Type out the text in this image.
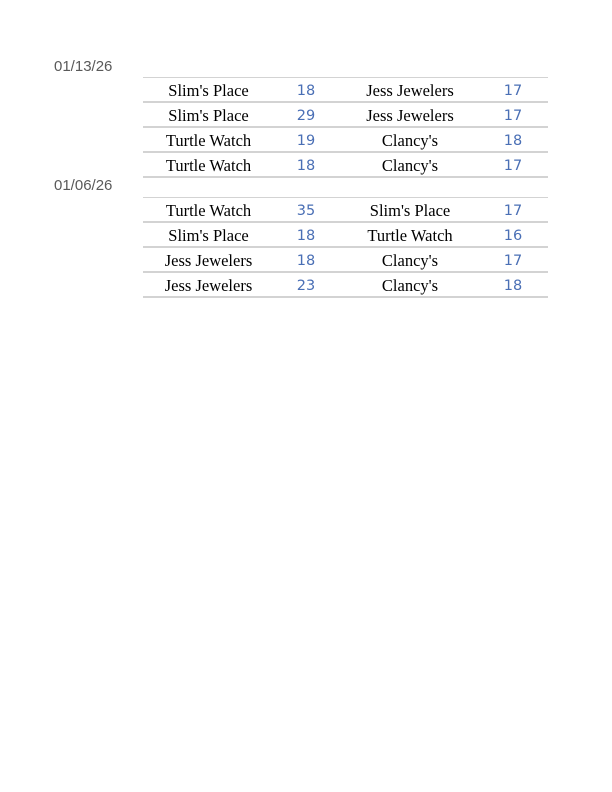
01/13/26
Slim's Place	18	Jess Jewelers	17
Slim's Place	29	Jess Jewelers	17
Turtle Watch	19	Clancy's	18
Turtle Watch	18	Clancy's	17
01/06/26
Turtle Watch	35	Slim's Place	17
Slim's Place	18	Turtle Watch	16
Jess Jewelers	18	Clancy's	17
Jess Jewelers	23	Clancy's	18
